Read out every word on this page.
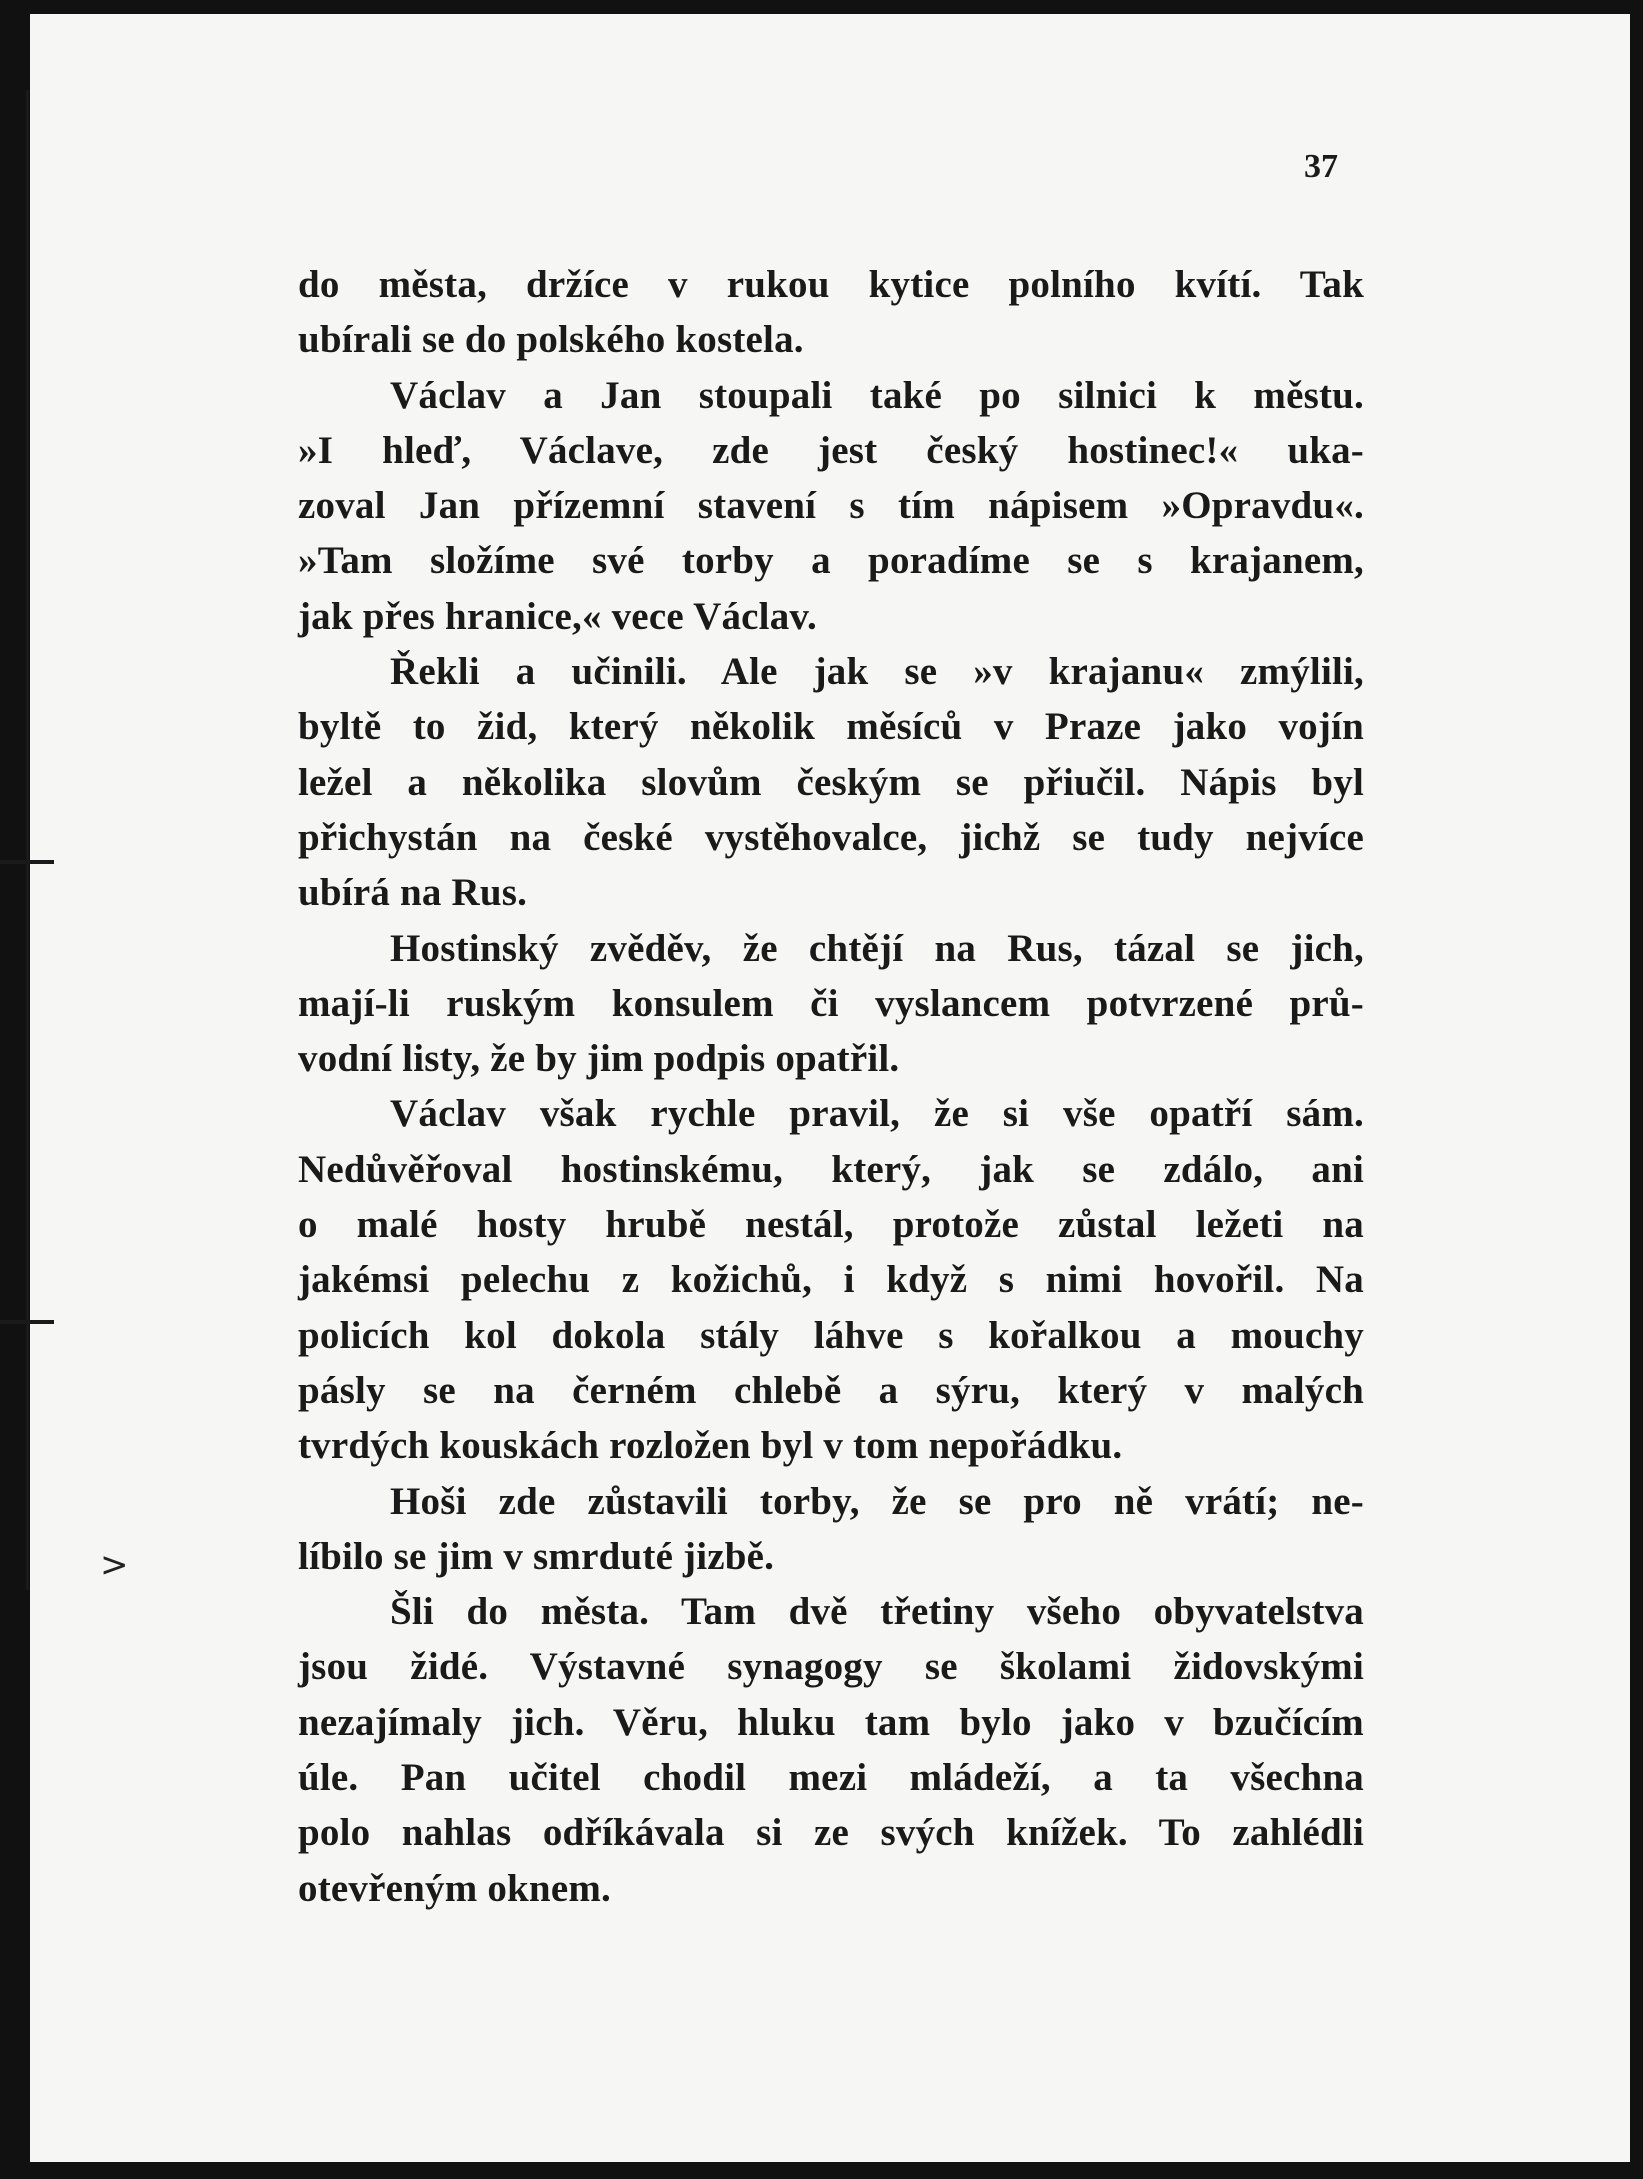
37

do města, držíce v rukou kytice polního kvítí. Tak
ubírali se do polského kostela.

Václav a Jan stoupali také po silnici k městu.
»I hleď, Václave, zde jest český hostinec!« uka-
zoval Jan přízemní stavení s tím nápisem »Opravdu«.
»Tam složíme své torby a poradíme se s krajanem,
jak přes hranice,« vece Václav.

Řekli a učinili. Ale jak se »v krajanu« zmýlili,
byltě to žid, který několik měsíců v Praze jako vojín
ležel a několika slovům českým se přiučil. Nápis byl
přichystán na české vystěhovalce, jichž se tudy nejvíce
ubírá na Rus.

Hostinský zvěděv, že chtějí na Rus, tázal se jich,
mají-li ruským konsulem či vyslancem potvrzené prů-
vodní listy, že by jim podpis opatřil.

Václav však rychle pravil, že si vše opatří sám.
Nedůvěřoval hostinskému, který, jak se zdálo, ani
o malé hosty hrubě nestál, protože zůstal ležeti na
jakémsi pelechu z kožichů, i když s nimi hovořil. Na
policích kol dokola stály láhve s kořalkou a mouchy
pásly se na černém chlebě a sýru, který v malých
tvrdých kouskách rozložen byl v tom nepořádku.

Hoši zde zůstavili torby, že se pro ně vrátí; ne-
líbilo se jim v smrduté jizbě.

Šli do města. Tam dvě třetiny všeho obyvatelstva
jsou židé. Výstavné synagogy se školami židovskými
nezajímaly jich. Věru, hluku tam bylo jako v bzučícím
úle. Pan učitel chodil mezi mládeží, a ta všechna
polo nahlas odříkávala si ze svých knížek. To zahlédli
otevřeným oknem.

>
